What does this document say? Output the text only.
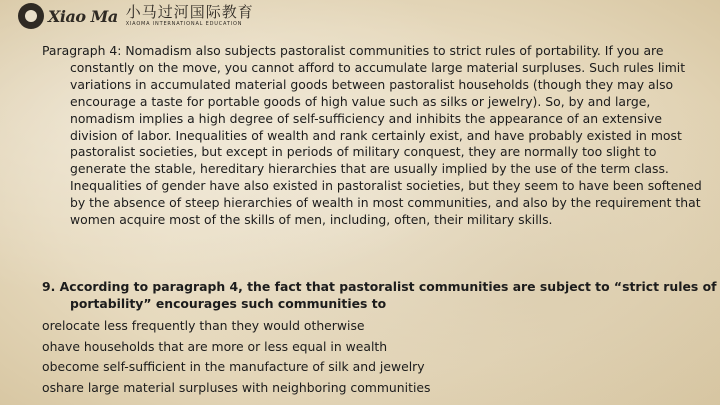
Xiao Ma 小马过河国际教育
XIAOMA INTERNATIONAL EDUCATION

Paragraph 4: Nomadism also subjects pastoralist communities to strict rules of portability. If you are constantly on the move, you cannot afford to accumulate large material surpluses. Such rules limit variations in accumulated material goods between pastoralist households (though they may also encourage a taste for portable goods of high value such as silks or jewelry). So, by and large, nomadism implies a high degree of self-sufficiency and inhibits the appearance of an extensive division of labor. Inequalities of wealth and rank certainly exist, and have probably existed in most pastoralist societies, but except in periods of military conquest, they are normally too slight to generate the stable, hereditary hierarchies that are usually implied by the use of the term class. Inequalities of gender have also existed in pastoralist societies, but they seem to have been softened by the absence of steep hierarchies of wealth in most communities, and also by the requirement that women acquire most of the skills of men, including, often, their military skills.

9. According to paragraph 4, the fact that pastoralist communities are subject to “strict rules of portability” encourages such communities to

orelocate less frequently than they would otherwise
ohave households that are more or less equal in wealth
obecome self-sufficient in the manufacture of silk and jewelry
oshare large material surpluses with neighboring communities
